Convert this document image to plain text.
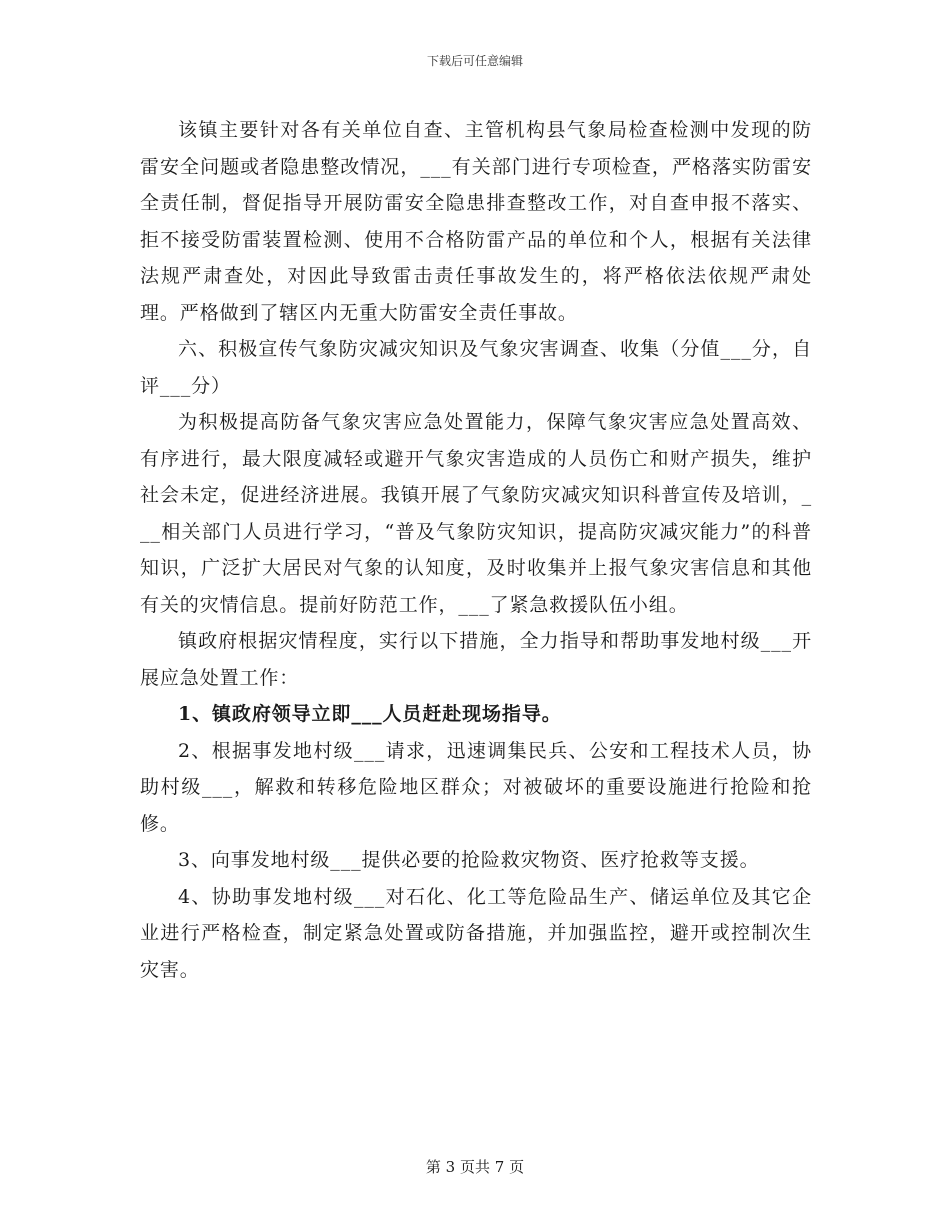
下载后可任意编辑

该镇主要针对各有关单位自查、主管机构县气象局检查检测中发现的防雷安全问题或者隐患整改情况，___有关部门进行专项检查，严格落实防雷安全责任制，督促指导开展防雷安全隐患排查整改工作，对自查申报不落实、拒不接受防雷装置检测、使用不合格防雷产品的单位和个人，根据有关法律法规严肃查处，对因此导致雷击责任事故发生的，将严格依法依规严肃处理。严格做到了辖区内无重大防雷安全责任事故。

六、积极宣传气象防灾减灾知识及气象灾害调查、收集（分值___分，自评___分）

为积极提高防备气象灾害应急处置能力，保障气象灾害应急处置高效、有序进行，最大限度减轻或避开气象灾害造成的人员伤亡和财产损失，维护社会未定，促进经济进展。我镇开展了气象防灾减灾知识科普宣传及培训，___相关部门人员进行学习，“普及气象防灾知识，提高防灾减灾能力”的科普知识，广泛扩大居民对气象的认知度，及时收集并上报气象灾害信息和其他有关的灾情信息。提前好防范工作，___了紧急救援队伍小组。

镇政府根据灾情程度，实行以下措施，全力指导和帮助事发地村级___开展应急处置工作：

1、镇政府领导立即___人员赶赴现场指导。

2、根据事发地村级___请求，迅速调集民兵、公安和工程技术人员，协助村级___，解救和转移危险地区群众；对被破坏的重要设施进行抢险和抢修。

3、向事发地村级___提供必要的抢险救灾物资、医疗抢救等支援。

4、协助事发地村级___对石化、化工等危险品生产、储运单位及其它企业进行严格检查，制定紧急处置或防备措施，并加强监控，避开或控制次生灾害。

第 3 页共 7 页
